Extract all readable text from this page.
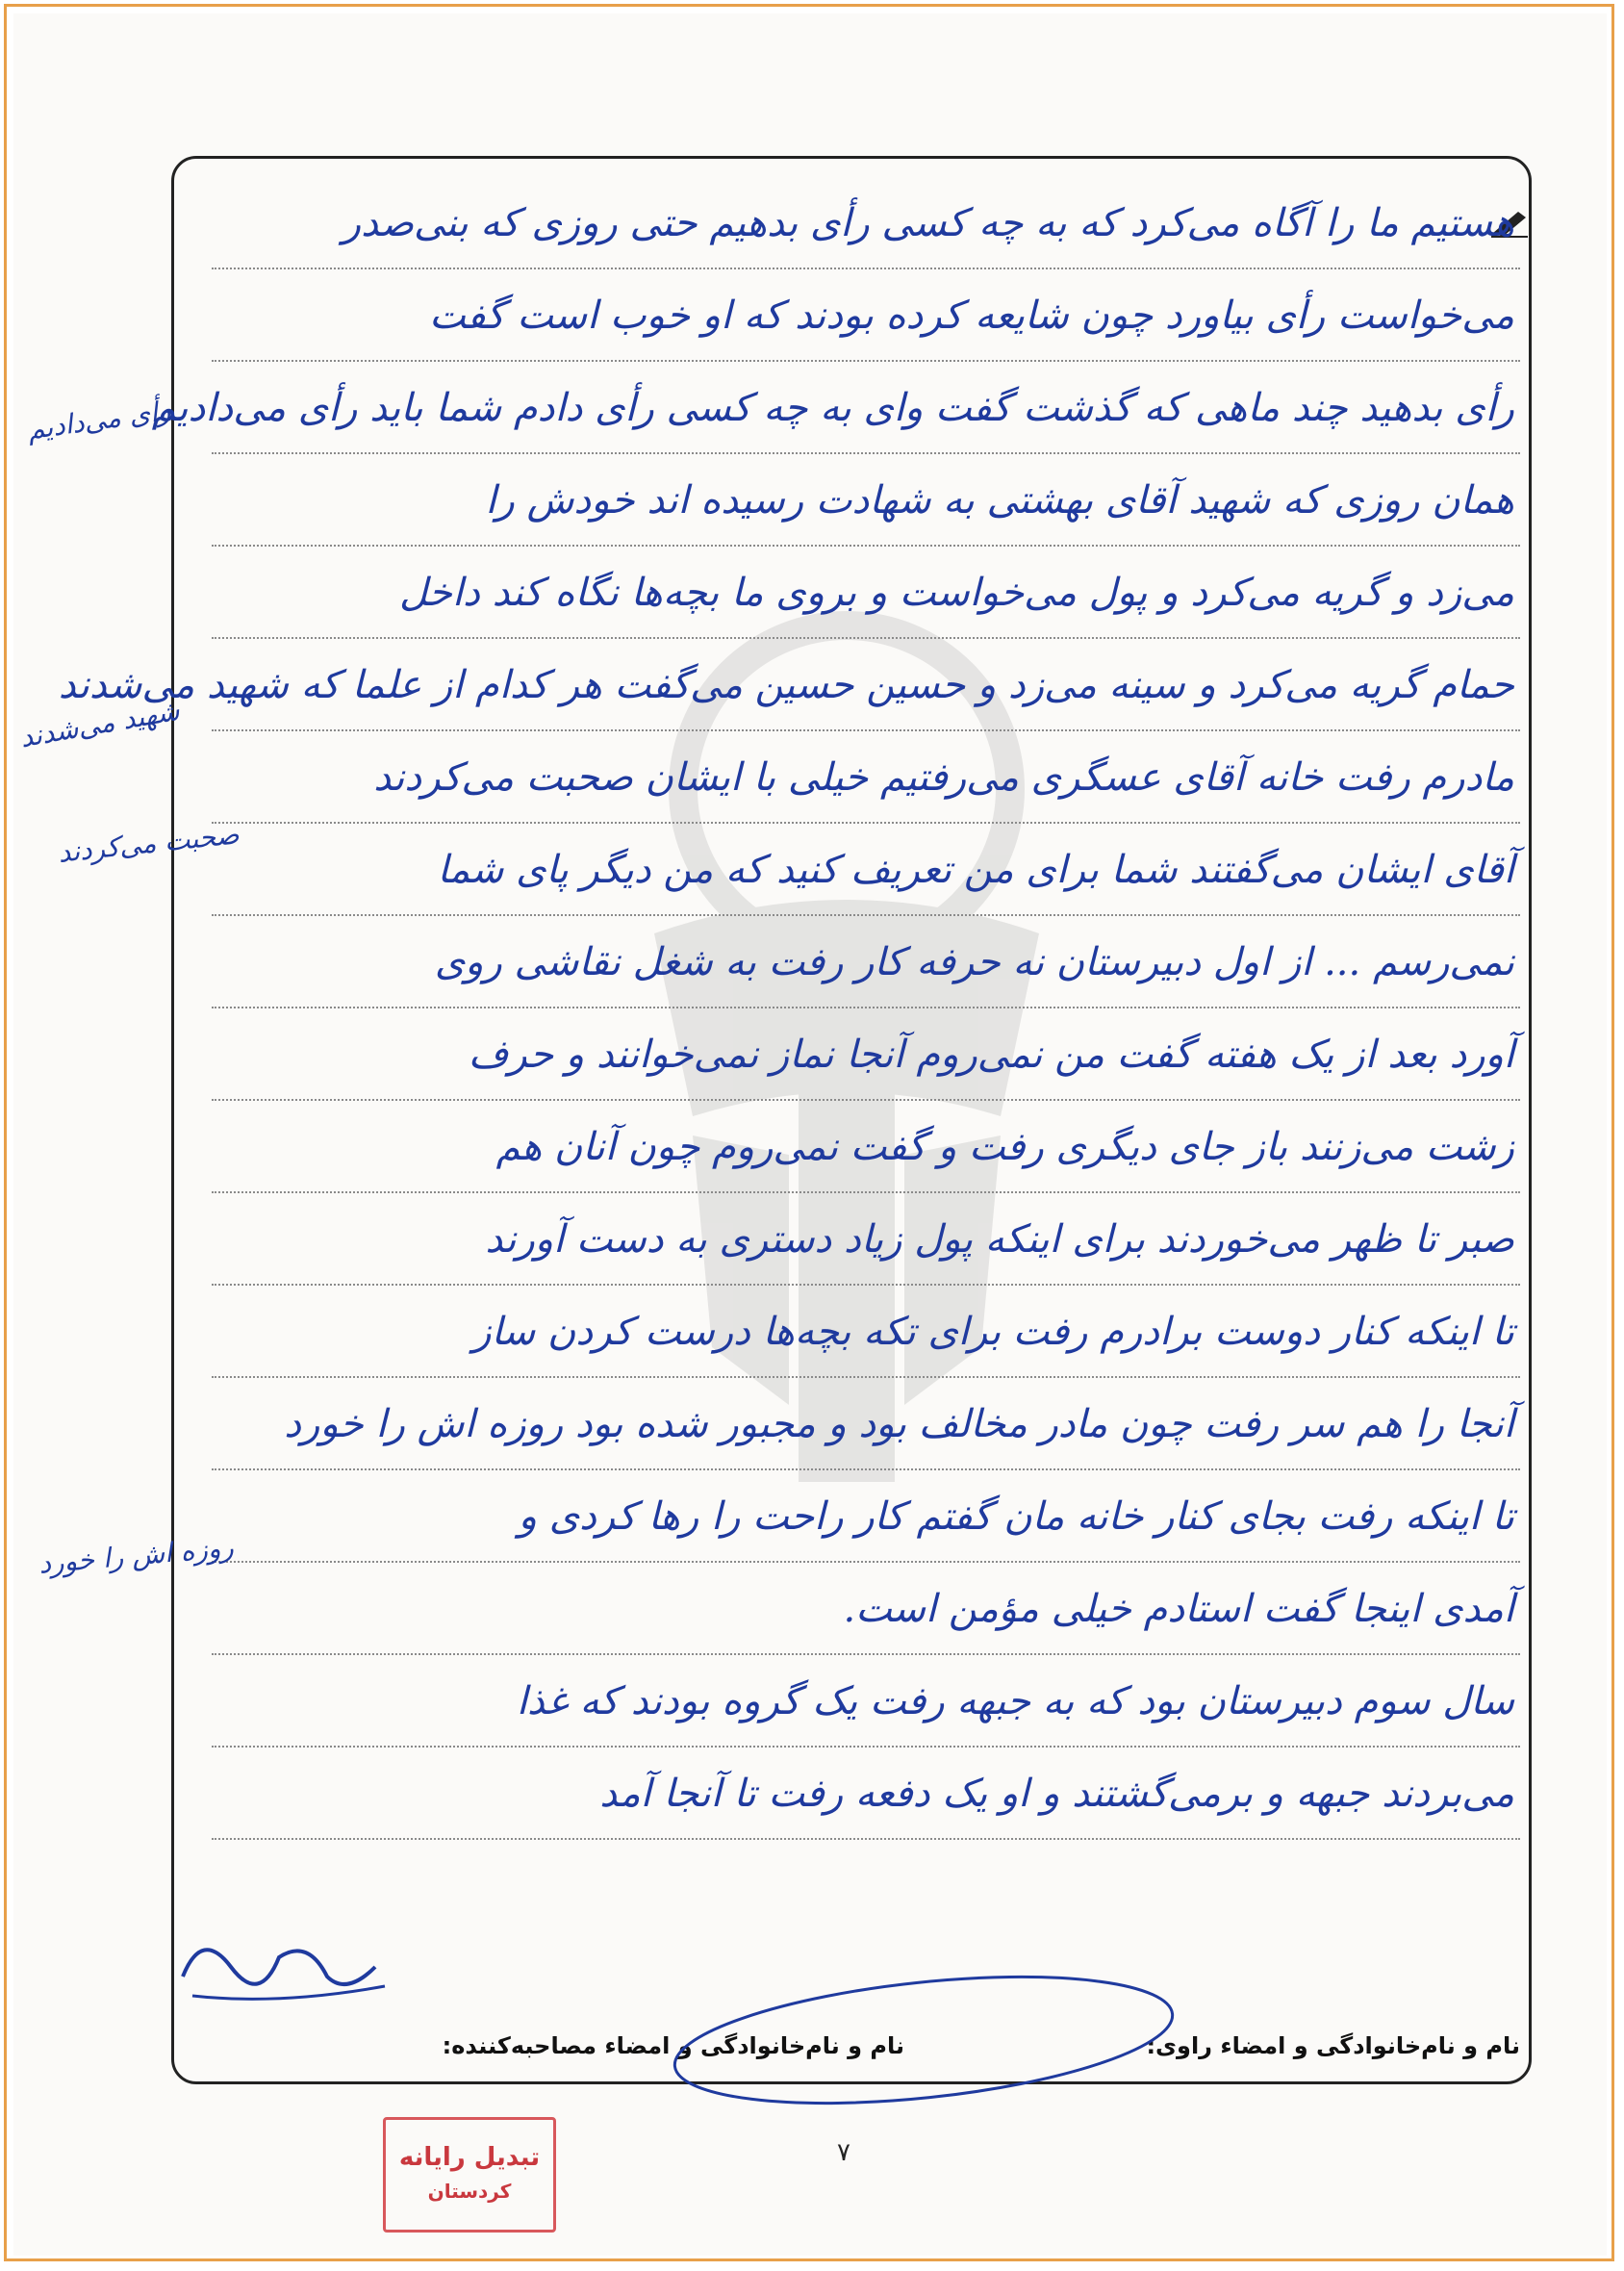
هستیم ما را آگاه می‌کرد که به چه کسی رأی بدهیم حتی روزی که بنی‌صدر
می‌خواست رأی بیاورد چون شایعه کرده بودند که او خوب است گفت
رأی بدهید چند ماهی که گذشت گفت وای به چه کسی رأی دادم شما باید رأی می‌دادیم
همان روزی که شهید آقای بهشتی به شهادت رسیده اند خودش را
می‌زد و گریه می‌کرد و پول می‌خواست و بروی ما بچه‌ها نگاه کند داخل
حمام گریه می‌کرد و سینه می‌زد و حسین حسین می‌گفت هر کدام از علما که شهید می‌شدند
مادرم رفت خانه آقای عسگری می‌رفتیم خیلی با ایشان صحبت می‌کردند
آقای ایشان می‌گفتند شما برای من تعریف کنید که من دیگر پای شما
نمی‌رسم ... از اول دبیرستان نه حرفه کار رفت به شغل نقاشی روی
آورد بعد از یک هفته گفت من نمی‌روم آنجا نماز نمی‌خوانند و حرف
زشت می‌زنند باز جای دیگری رفت و گفت نمی‌روم چون آنان هم
صبر تا ظهر می‌خوردند برای اینکه پول زیاد دستری به دست آورند
تا اینکه کنار دوست برادرم رفت برای تکه بچه‌ها درست کردن ساز
آنجا را هم سر رفت چون مادر مخالف بود و مجبور شده بود روزه اش را خورد
تا اینکه رفت بجای کنار خانه مان گفتم کار راحت را رها کردی و
آمدی اینجا گفت استادم خیلی مؤمن است.
سال سوم دبیرستان بود که به جبهه رفت یک گروه بودند که غذا
می‌بردند جبهه و برمی‌گشتند و او یک دفعه رفت تا آنجا آمد
رأی می‌دادیم
شهید می‌شدند
صحبت می‌کردند
روزه اش را خورد
نام و نام‌خانوادگی و امضاء مصاحبه‌کننده:	نام و نام‌خانوادگی و امضاء راوی:
تبدیل رایانه
کردستان
۷
